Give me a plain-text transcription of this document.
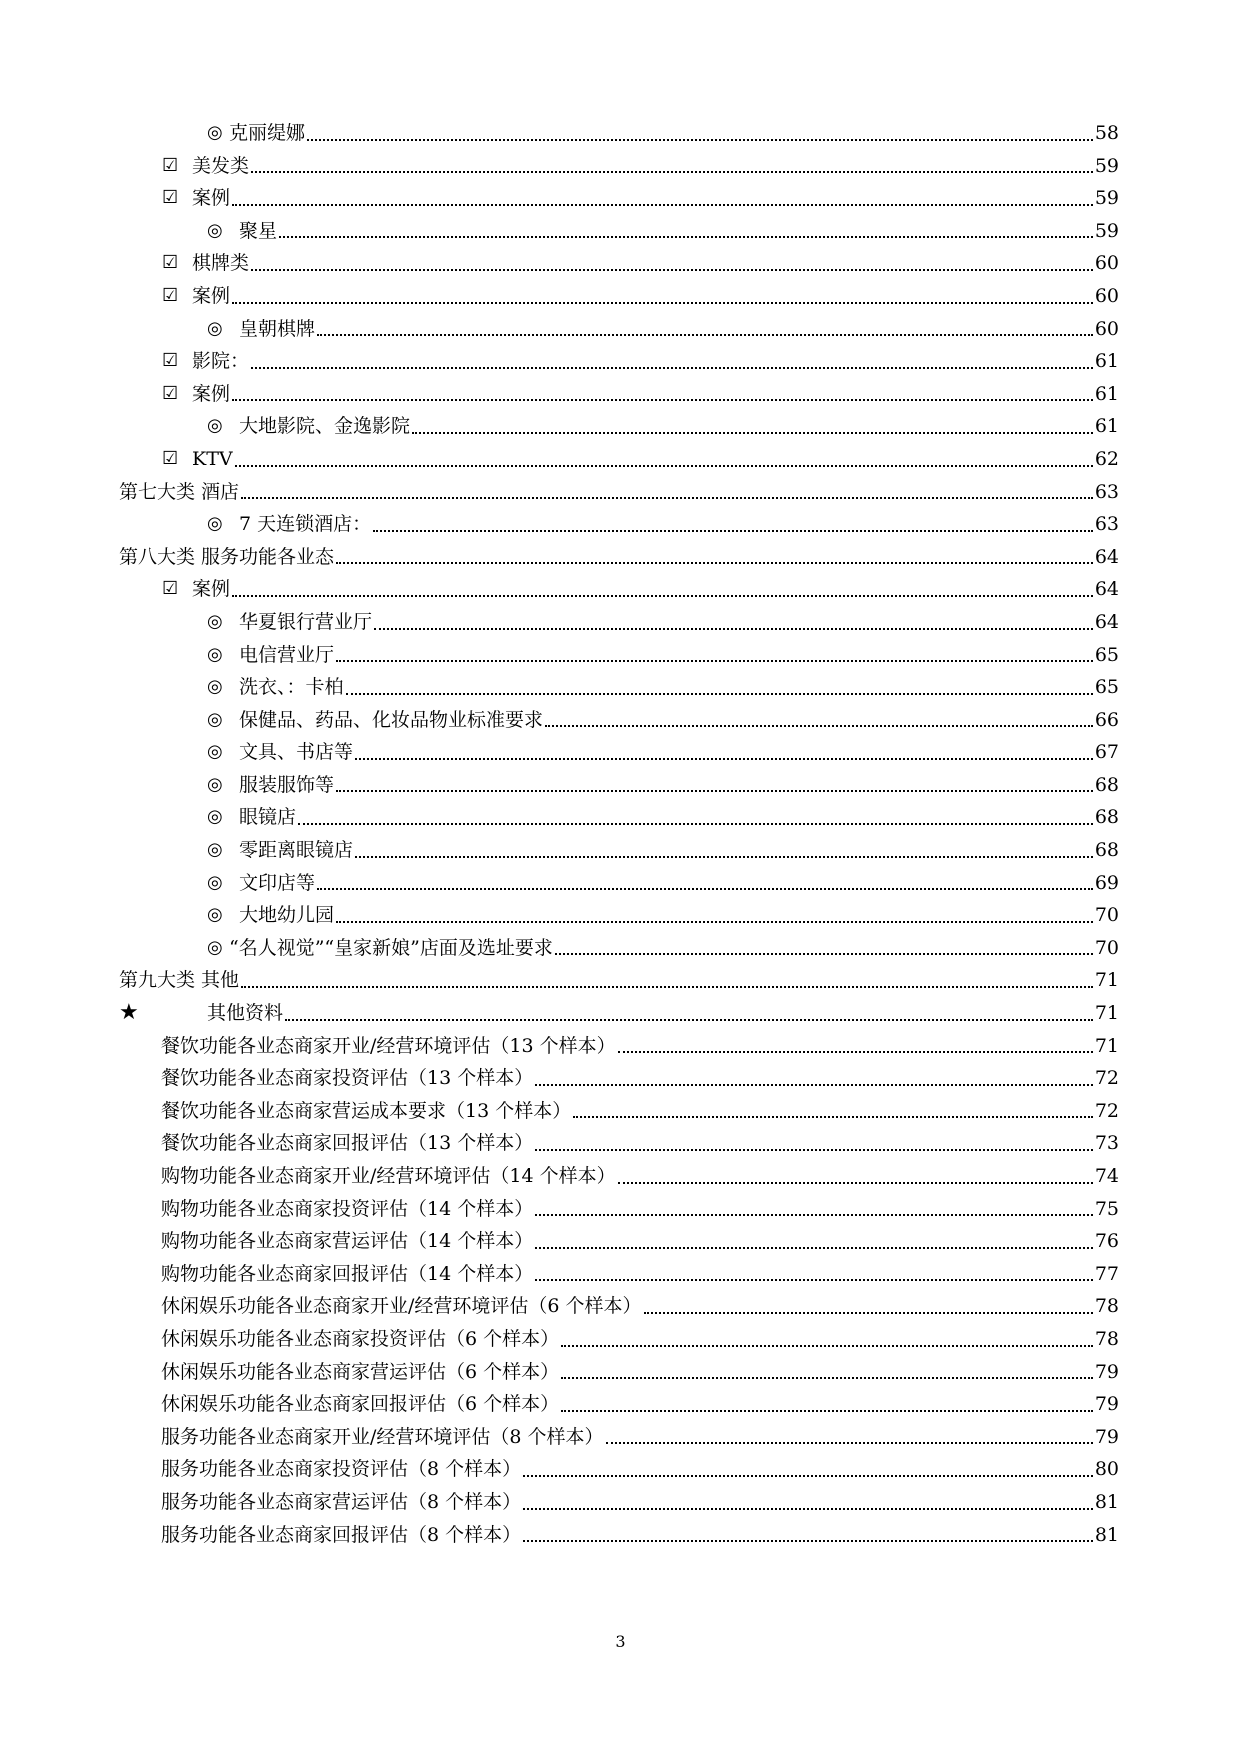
◎ 克丽缇娜	58
☑ 美发类	59
☑ 案例	59
◎ 聚星	59
☑ 棋牌类	60
☑ 案例	60
◎ 皇朝棋牌	60
☑ 影院：	61
☑ 案例	61
◎ 大地影院、金逸影院	61
☑ KTV	62
第七大类 酒店	63
◎ 7 天连锁酒店：	63
第八大类 服务功能各业态	64
☑ 案例	64
◎ 华夏银行营业厅	64
◎ 电信营业厅	65
◎ 洗衣、：卡柏	65
◎ 保健品、药品、化妆品物业标准要求	66
◎ 文具、书店等	67
◎ 服装服饰等	68
◎ 眼镜店	68
◎ 零距离眼镜店	68
◎ 文印店等	69
◎ 大地幼儿园	70
◎ “名人视觉”“皇家新娘”店面及选址要求	70
第九大类 其他	71
★	其他资料	71
餐饮功能各业态商家开业/经营环境评估（13 个样本）	71
餐饮功能各业态商家投资评估（13 个样本）	72
餐饮功能各业态商家营运成本要求（13 个样本）	72
餐饮功能各业态商家回报评估（13 个样本）	73
购物功能各业态商家开业/经营环境评估（14 个样本）	74
购物功能各业态商家投资评估（14 个样本）	75
购物功能各业态商家营运评估（14 个样本）	76
购物功能各业态商家回报评估（14 个样本）	77
休闲娱乐功能各业态商家开业/经营环境评估（6 个样本）	78
休闲娱乐功能各业态商家投资评估（6 个样本）	78
休闲娱乐功能各业态商家营运评估（6 个样本）	79
休闲娱乐功能各业态商家回报评估（6 个样本）	79
服务功能各业态商家开业/经营环境评估（8 个样本）	79
服务功能各业态商家投资评估（8 个样本）	80
服务功能各业态商家营运评估（8 个样本）	81
服务功能各业态商家回报评估（8 个样本）	81
3
